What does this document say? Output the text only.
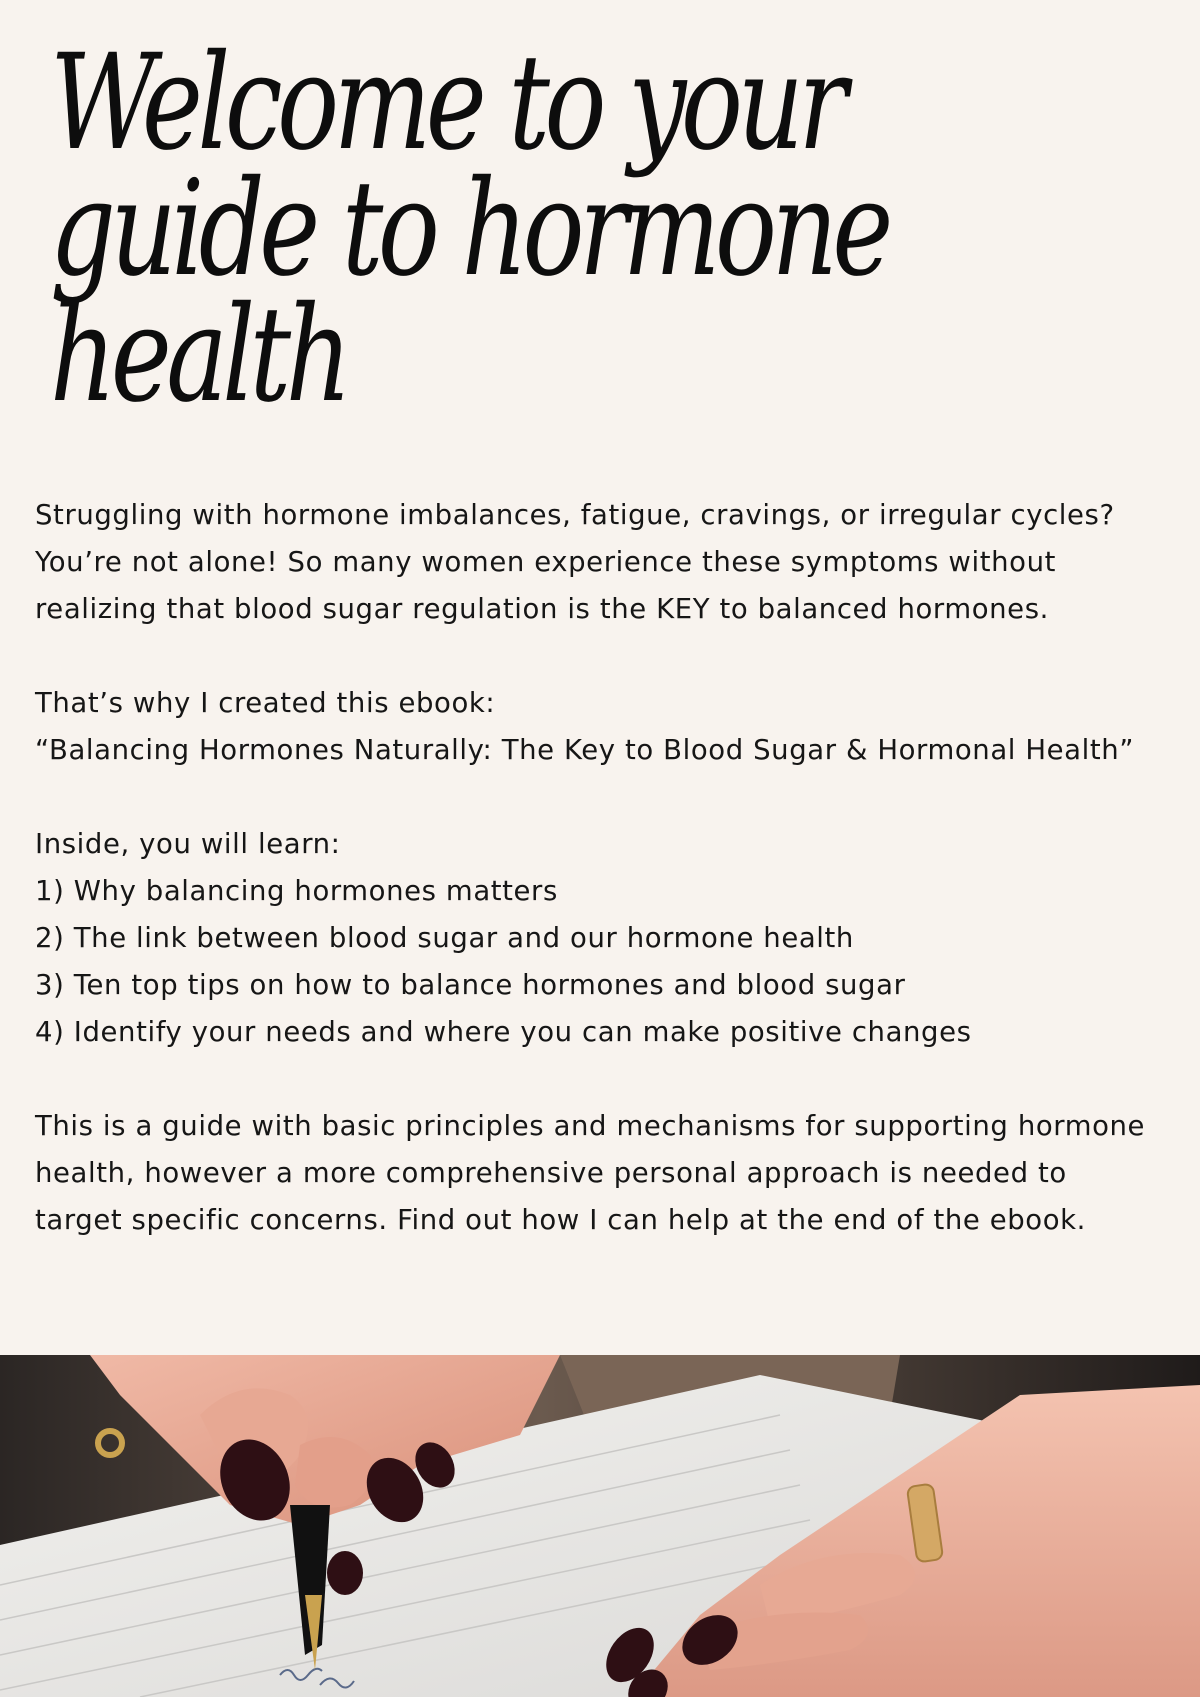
Welcome to your
guide to hormone
health

Struggling with hormone imbalances, fatigue, cravings, or irregular cycles?
You’re not alone! So many women experience these symptoms without
realizing that blood sugar regulation is the KEY to balanced hormones.

That’s why I created this ebook:
“Balancing Hormones Naturally: The Key to Blood Sugar & Hormonal Health”

Inside, you will learn:
1) Why balancing hormones matters
2) The link between blood sugar and our hormone health
3) Ten top tips on how to balance hormones and blood sugar
4) Identify your needs and where you can make positive changes

This is a guide with basic principles and mechanisms for supporting hormone
health, however a more comprehensive personal approach is needed to
target specific concerns. Find out how I can help at the end of the ebook.
